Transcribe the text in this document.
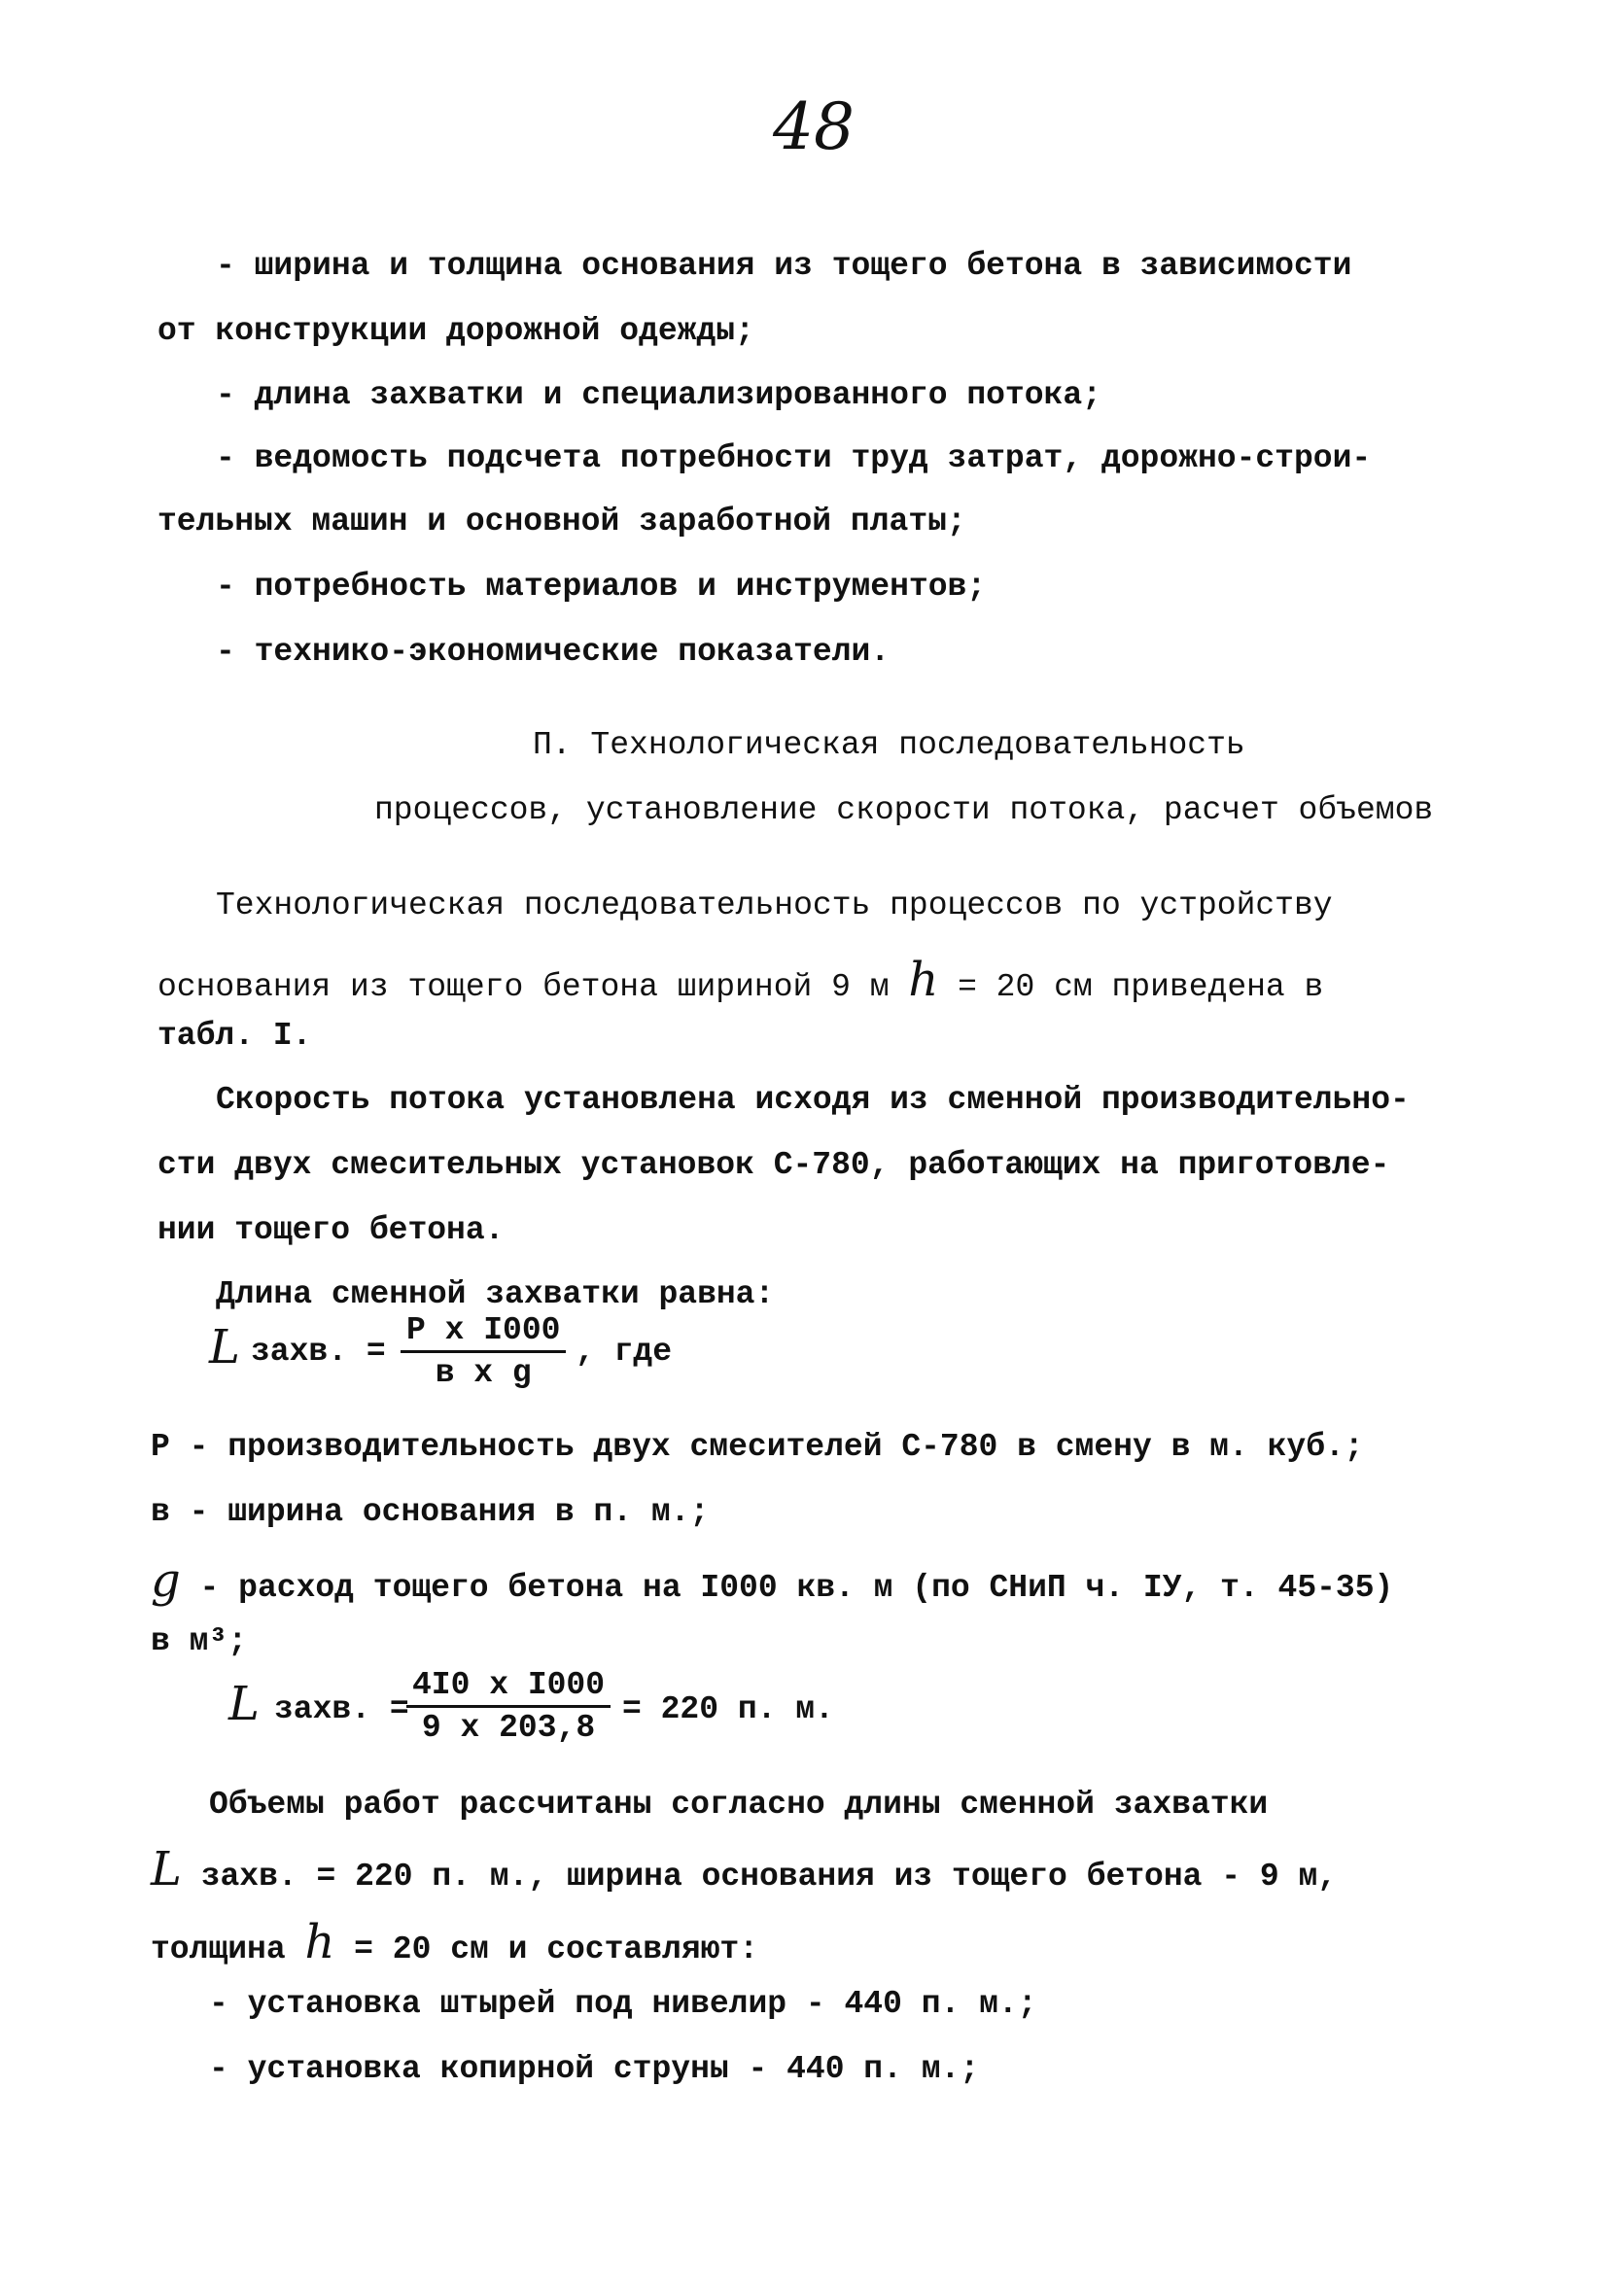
48
- ширина и толщина основания из тощего бетона в зависимости
от конструкции дорожной одежды;
- длина захватки и специализированного потока;
- ведомость подсчета потребности труд затрат, дорожно-строи-
тельных машин и основной заработной платы;
- потребность материалов и инструментов;
- технико-экономические показатели.
П. Технологическая последовательность
процессов, установление скорости потока, расчет объемов
Технологическая последовательность процессов по устройству
основания из тощего бетона шириной 9 м h = 20 см приведена в
табл. I.
Скорость потока установлена исходя из сменной производительно-
сти двух смесительных установок С-780, работающих на приготовле-
нии тощего бетона.
Длина сменной захватки равна:
L захв. =
Р х I000
в х g
, где
Р - производительность двух смесителей С-780 в смену в м. куб.;
в - ширина основания в п. м.;
g - расход тощего бетона на I000 кв. м (по СНиП ч. IУ, т. 45-35)
в м³;
L захв. =
4I0 х I000
9 х 203,8
= 220 п. м.
Объемы работ рассчитаны согласно длины сменной захватки
L захв. = 220 п. м., ширина основания из тощего бетона - 9 м,
толщина h = 20 см и составляют:
- установка штырей под нивелир - 440 п. м.;
- установка копирной струны - 440 п. м.;
